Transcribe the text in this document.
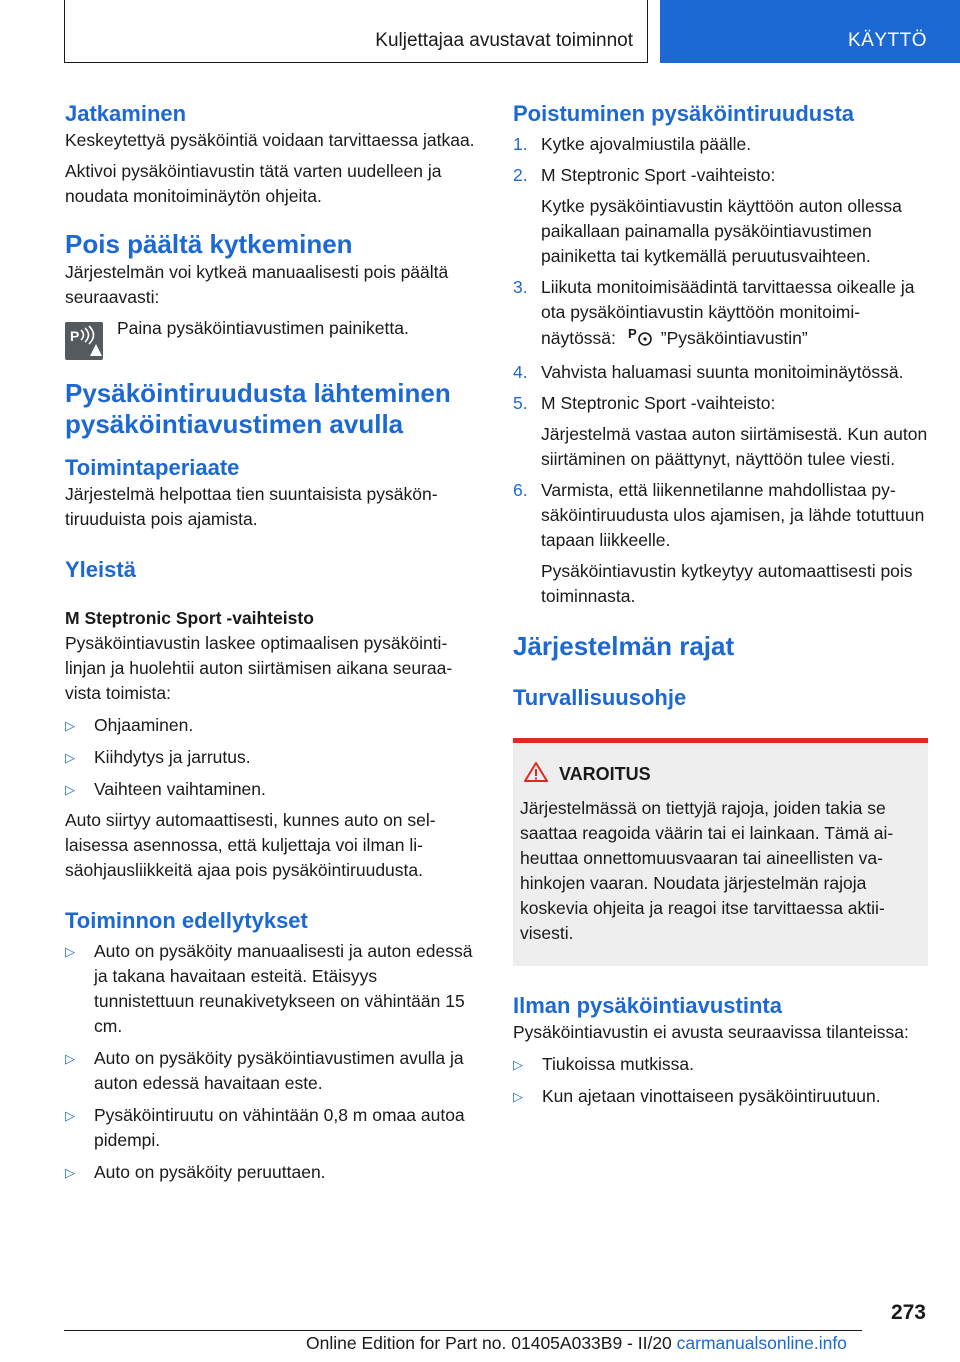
Kuljettajaa avustavat toiminnot	KÄYTTÖ
Jatkaminen

Keskeytettyä pysäköintiä voidaan tarvittaessa jatkaa.

Aktivoi pysäköintiavustin tätä varten uudelleen ja noudata monitoiminäytön ohjeita.

Pois päältä kytkeminen

Järjestelmän voi kytkeä manuaalisesti pois päältä seuraavasti:

P Paina pysäköintiavustimen painiketta.
Pysäköintiruudusta lähteminen pysäköintiavustimen avulla
Toimintaperiaate

Järjestelmä helpottaa tien suuntaisista pysäköntiruuduista pois ajamista.

Yleistä
M Steptronic Sport -vaihteisto

Pysäköintiavustin laskee optimaalisen pysäköintilinjan ja huolehtii auton siirtämisen aikana seuraavista toimista:

▷ Ohjaaminen.
▷ Kiihdytys ja jarrutus.
▷ Vaihteen vaihtaminen.

Auto siirtyy automaattisesti, kunnes auto on sellaisessa asennossa, että kuljettaja voi ilman lisäohjausliikkeitä ajaa pois pysäköintiruudusta.

Toiminnon edellytykset
▷ Auto on pysäköity manuaalisesti ja auton edessä ja takana havaitaan esteitä. Etäisyys tunnistettuun reunakivetykseen on vähintään 15 cm.
▷ Auto on pysäköity pysäköintiavustimen avulla ja auton edessä havaitaan este.
▷ Pysäköintiruutu on vähintään 0,8 m omaa autoa pidempi.
▷ Auto on pysäköity peruuttaen.
Poistuminen pysäköintiruudusta
1. Kytke ajovalmiustila päälle.
2. M Steptronic Sport -vaihteisto:
Kytke pysäköintiavustin käyttöön auton ollessa paikallaan painamalla pysäköintiavustimen painiketta tai kytkemällä peruutusvaihteen.
3. Liikuta monitoimisäädintä tarvittaessa oikealle ja ota pysäköintiavustin käyttöön monitoiminäytössä: P ”Pysäköintiavustin”
4. Vahvista haluamasi suunta monitoiminäytössä.
5. M Steptronic Sport -vaihteisto:
Järjestelmä vastaa auton siirtämisestä. Kun auton siirtäminen on päättynyt, näyttöön tulee viesti.
6. Varmista, että liikennetilanne mahdollistaa pysäköintiruudusta ulos ajamisen, ja lähde totuttuun tapaan liikkeelle.
Pysäköintiavustin kytkeytyy automaattisesti pois toiminnasta.
Järjestelmän rajat
Turvallisuusohje
VAROITUS

Järjestelmässä on tiettyjä rajoja, joiden takia se saattaa reagoida väärin tai ei lainkaan. Tämä aiheuttaa onnettomuusvaaran tai aineellisten vahinkojen vaaran. Noudata järjestelmän rajoja koskevia ohjeita ja reagoi itse tarvittaessa aktiivisesti.

Ilman pysäköintiavustinta

Pysäköintiavustin ei avusta seuraavissa tilanteissa:

▷ Tiukoissa mutkissa.
▷ Kun ajetaan vinottaiseen pysäköintiruutuun.
273
Online Edition for Part no. 01405A033B9 - II/20 carmanualsonline.info
